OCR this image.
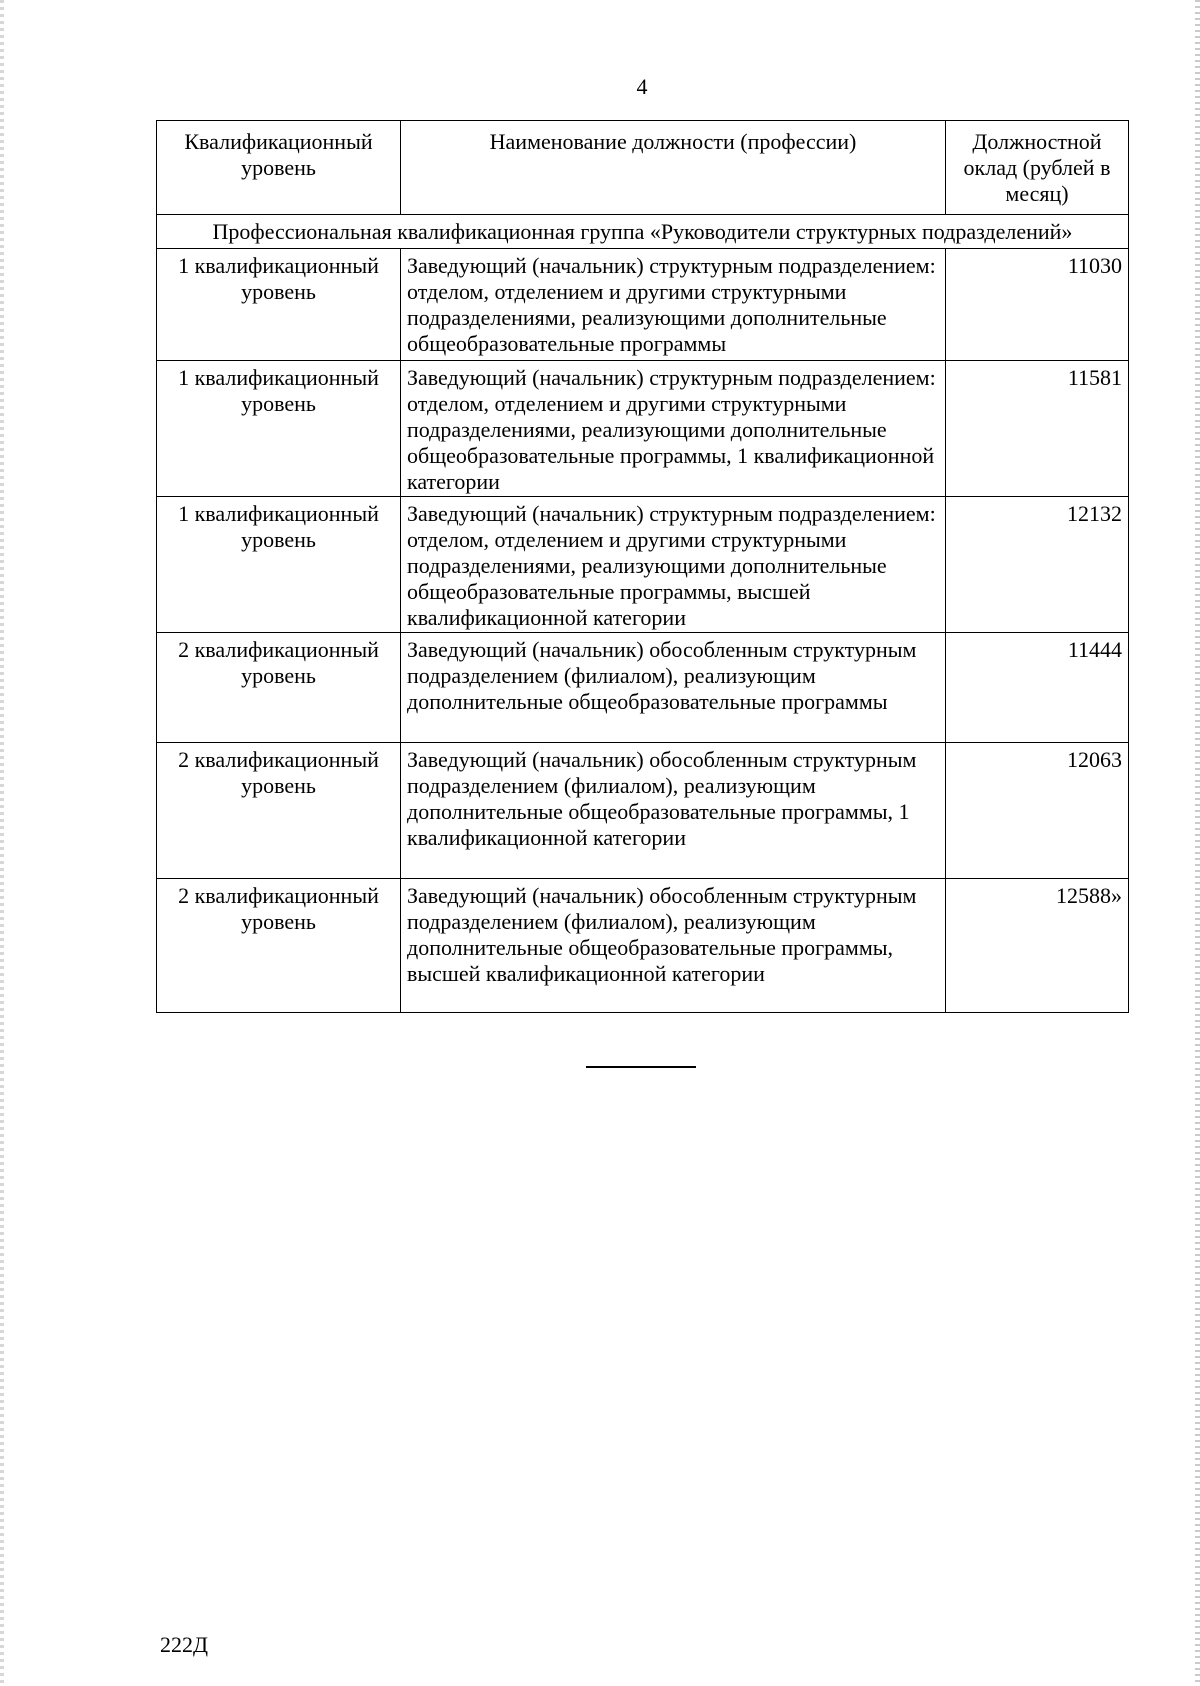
4
Квалификационный уровень	Наименование должности (профессии)	Должностной оклад (рублей в месяц)
Профессиональная квалификационная группа «Руководители структурных подразделений»		
1 квалификационный уровень	Заведующий (начальник) структурным подразделением: отделом, отделением и другими структурными подразделениями, реализующими дополнительные общеобразовательные программы	11030
1 квалификационный уровень	Заведующий (начальник) структурным подразделением: отделом, отделением и другими структурными подразделениями, реализующими дополнительные общеобразовательные программы, 1 квалификационной категории	11581
1 квалификационный уровень	Заведующий (начальник) структурным подразделением: отделом, отделением и другими структурными подразделениями, реализующими дополнительные общеобразовательные программы, высшей квалификационной категории	12132
2 квалификационный уровень	Заведующий (начальник) обособленным структурным подразделением (филиалом), реализующим дополнительные общеобразовательные программы	11444
2 квалификационный уровень	Заведующий (начальник) обособленным структурным подразделением (филиалом), реализующим дополнительные общеобразовательные программы, 1 квалификационной категории	12063
2 квалификационный уровень	Заведующий (начальник) обособленным структурным подразделением (филиалом), реализующим дополнительные общеобразовательные программы, высшей квалификационной категории	12588»
222Д
